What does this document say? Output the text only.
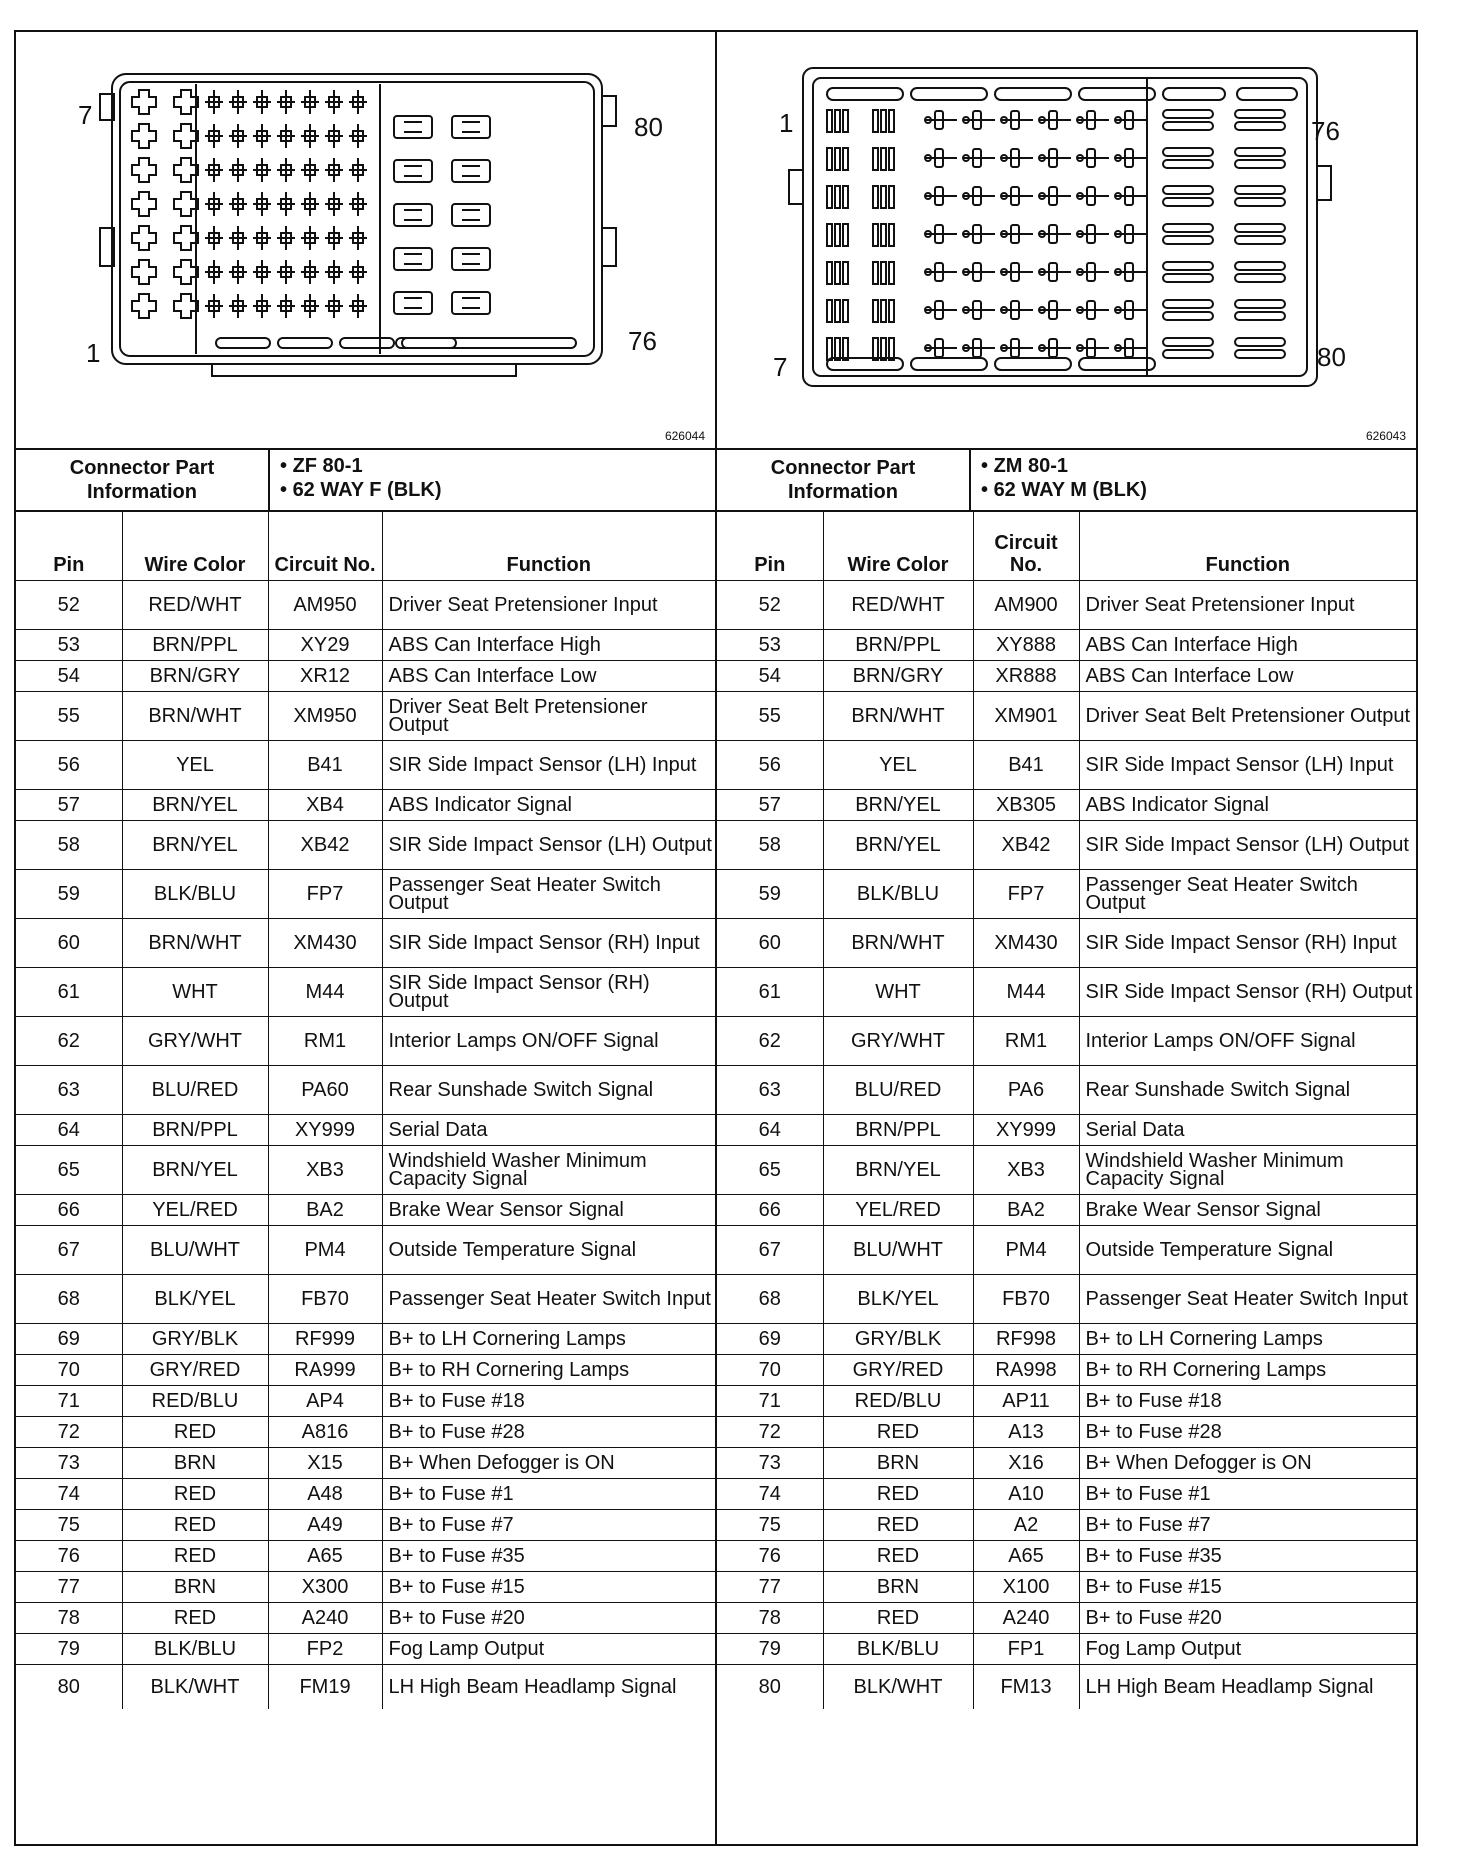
7	80
1	76
626044
Connector Part Information
• ZF 80-1
• 62 WAY F (BLK)
Pin	Wire Color	Circuit No.	Function
52	RED/WHT	AM950	Driver Seat Pretensioner Input
53	BRN/PPL	XY29	ABS Can Interface High
54	BRN/GRY	XR12	ABS Can Interface Low
55	BRN/WHT	XM950	Driver Seat Belt Pretensioner Output
56	YEL	B41	SIR Side Impact Sensor (LH) Input
57	BRN/YEL	XB4	ABS Indicator Signal
58	BRN/YEL	XB42	SIR Side Impact Sensor (LH) Output
59	BLK/BLU	FP7	Passenger Seat Heater Switch Output
60	BRN/WHT	XM430	SIR Side Impact Sensor (RH) Input
61	WHT	M44	SIR Side Impact Sensor (RH) Output
62	GRY/WHT	RM1	Interior Lamps ON/OFF Signal
63	BLU/RED	PA60	Rear Sunshade Switch Signal
64	BRN/PPL	XY999	Serial Data
65	BRN/YEL	XB3	Windshield Washer Minimum Capacity Signal
66	YEL/RED	BA2	Brake Wear Sensor Signal
67	BLU/WHT	PM4	Outside Temperature Signal
68	BLK/YEL	FB70	Passenger Seat Heater Switch Input
69	GRY/BLK	RF999	B+ to LH Cornering Lamps
70	GRY/RED	RA999	B+ to RH Cornering Lamps
71	RED/BLU	AP4	B+ to Fuse #18
72	RED	A816	B+ to Fuse #28
73	BRN	X15	B+ When Defogger is ON
74	RED	A48	B+ to Fuse #1
75	RED	A49	B+ to Fuse #7
76	RED	A65	B+ to Fuse #35
77	BRN	X300	B+ to Fuse #15
78	RED	A240	B+ to Fuse #20
79	BLK/BLU	FP2	Fog Lamp Output
80	BLK/WHT	FM19	LH High Beam Headlamp Signal
1	76
7	80
626043
Connector Part Information
• ZM 80-1
• 62 WAY M (BLK)
Pin	Wire Color	Circuit No.	Function
52	RED/WHT	AM900	Driver Seat Pretensioner Input
53	BRN/PPL	XY888	ABS Can Interface High
54	BRN/GRY	XR888	ABS Can Interface Low
55	BRN/WHT	XM901	Driver Seat Belt Pretensioner Output
56	YEL	B41	SIR Side Impact Sensor (LH) Input
57	BRN/YEL	XB305	ABS Indicator Signal
58	BRN/YEL	XB42	SIR Side Impact Sensor (LH) Output
59	BLK/BLU	FP7	Passenger Seat Heater Switch Output
60	BRN/WHT	XM430	SIR Side Impact Sensor (RH) Input
61	WHT	M44	SIR Side Impact Sensor (RH) Output
62	GRY/WHT	RM1	Interior Lamps ON/OFF Signal
63	BLU/RED	PA6	Rear Sunshade Switch Signal
64	BRN/PPL	XY999	Serial Data
65	BRN/YEL	XB3	Windshield Washer Minimum Capacity Signal
66	YEL/RED	BA2	Brake Wear Sensor Signal
67	BLU/WHT	PM4	Outside Temperature Signal
68	BLK/YEL	FB70	Passenger Seat Heater Switch Input
69	GRY/BLK	RF998	B+ to LH Cornering Lamps
70	GRY/RED	RA998	B+ to RH Cornering Lamps
71	RED/BLU	AP11	B+ to Fuse #18
72	RED	A13	B+ to Fuse #28
73	BRN	X16	B+ When Defogger is ON
74	RED	A10	B+ to Fuse #1
75	RED	A2	B+ to Fuse #7
76	RED	A65	B+ to Fuse #35
77	BRN	X100	B+ to Fuse #15
78	RED	A240	B+ to Fuse #20
79	BLK/BLU	FP1	Fog Lamp Output
80	BLK/WHT	FM13	LH High Beam Headlamp Signal
